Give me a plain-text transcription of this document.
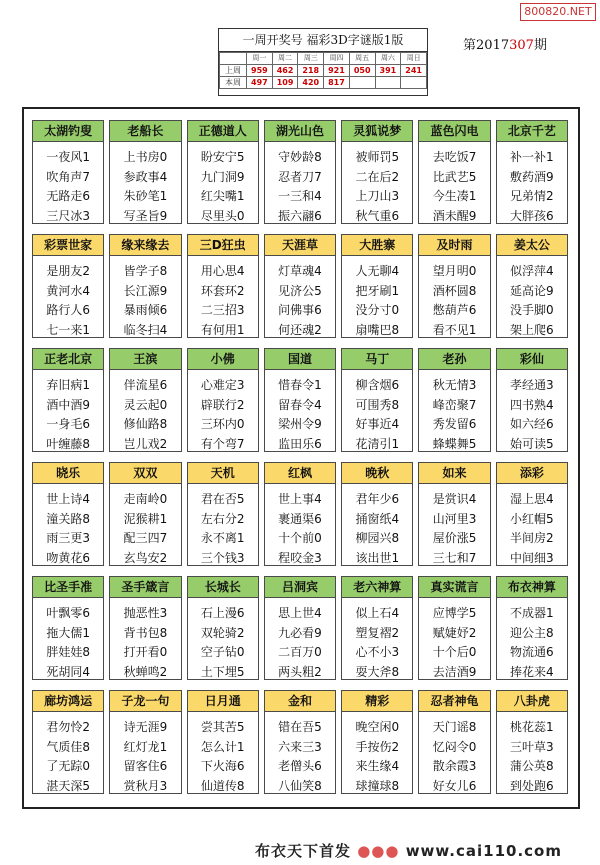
800820.NET
一周开奖号 福彩3D字谜版1版
	周一	周二	周三	周四	周五	周六	周日
上周	959	462	218	921	050	391	241
本周	497	109	420	817			
第2017307期
太湖钓叟
一夜风1
吹角声7
无路走6
三尺冰3
老船长
上书房0
参政事4
朱砂笔1
写圣旨9
正德道人
盼安宁5
九门洞9
红尖嘴1
尽里头0
湖光山色
守妙龄8
忍者刀7
一三和4
振六翮6
灵狐说梦
被师罚5
二在后2
上刀山3
秋气重6
蓝色闪电
去吃饭7
比武艺5
今生凑1
酒未醒9
北京千艺
补一补1
敷药酒9
兄弟情2
大胖孩6
彩票世家
是朋友2
黄河水4
路行人6
七一来1
缘来缘去
皆学子8
长江源9
暴雨倾6
临冬扫4
三D狂虫
用心思4
环套环2
二三招3
有何用1
天涯草
灯草魂4
见济公5
问佛事6
何还魂2
大胜寨
人无聊4
把牙刷1
没分寸0
扇嘴巴8
及时雨
望月明0
酒杯圆8
憋葫芦6
看不见1
姜太公
似浮萍4
延高论9
没手脚0
架上爬6
正老北京
弃旧病1
酒中酒9
一身毛6
叶缠藤8
王滨
伴流星6
灵云起0
修仙路8
岂儿戏2
小佛
心难定3
辟联行2
三环内0
有个弯7
国道
惜春令1
留春令4
梁州令9
监田乐6
马丁
柳含烟6
可围秀8
好事近4
花清引1
老孙
秋无情3
峰峦聚7
秀发留6
蜂蝶舞5
彩仙
孝经通3
四书熟4
如六经6
始可读5
晓乐
世上诗4
潼关路8
雨三更3
吻黄花6
双双
走南岭0
泥猴耕1
配三四7
玄鸟安2
天机
君在否5
左右分2
永不离1
三个钱3
红枫
世上事4
裹通渠6
十个前0
程咬金3
晚秋
君年少6
捅窗纸4
柳园兴8
该出世1
如来
是赏识4
山河里3
屋价涨5
三七和7
添彩
湿上思4
小红帽5
半间房2
中间细3
比圣手准
叶飘零6
拖大儒1
胖娃娃8
死胡同4
圣手箴言
抛恶性3
背书包8
打开看0
秋蝉鸣2
长城长
石上漫6
双轮骑2
空子钻0
土下埋5
吕洞宾
思上世4
九必看9
二百万0
两头粗2
老六神算
似上石4
塑复褶2
心不小3
耍大斧8
真实谎言
应博学5
赋婕妤2
十个后0
去洁酒9
布衣神算
不成器1
迎公主8
物流通6
捧花来4
廊坊鸿运
君勿怜2
气质佳8
了无踪0
湛天深5
子龙一句
诗无涯9
红灯龙1
留客住6
赏秋月3
日月通
尝其苦5
怎么计1
下火海6
仙道传8
金和
错在吾5
六来三3
老僧头6
八仙笑8
精彩
晚空闲0
手按伤2
来生缘4
球撞球8
忍者神龟
天门谣8
忆闷令0
散余霞3
好女儿6
八卦虎
桃花蕊1
三叶草3
蒲公英8
到处跑6
布衣天下首发 ●●● www.cai110.com
